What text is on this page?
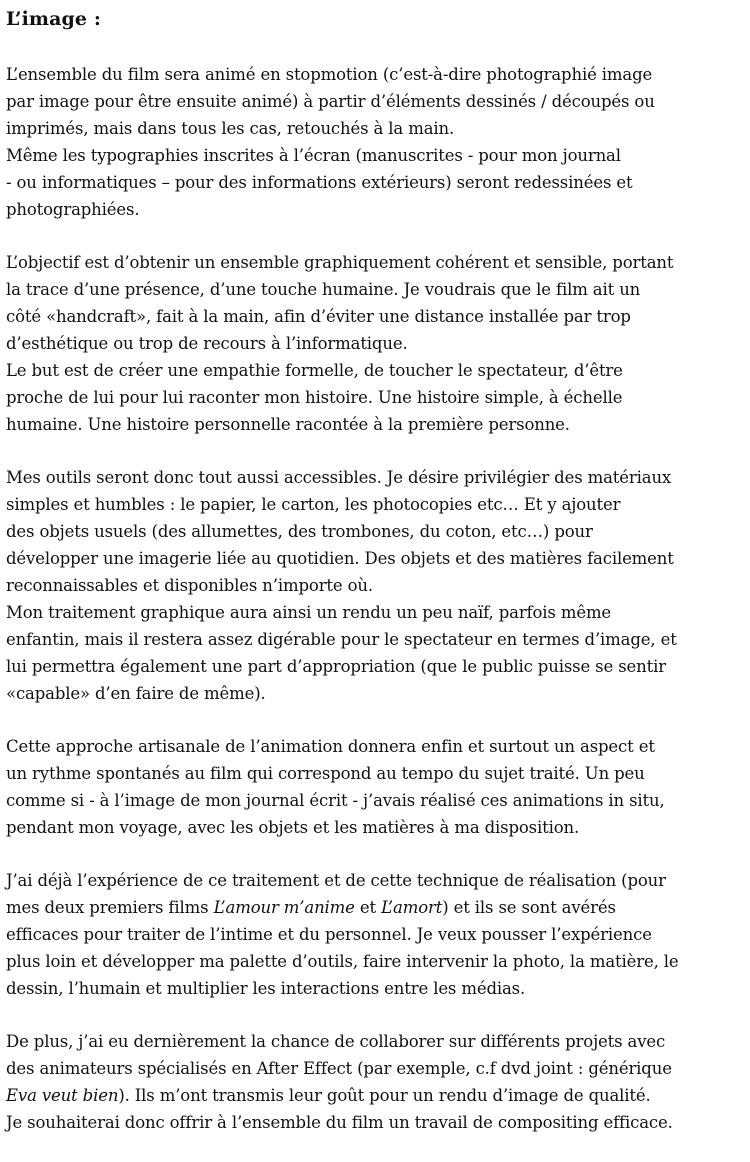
L’image :
L’ensemble du film sera animé en stopmotion (c’est-à-dire photographié image
par image pour être ensuite animé) à partir d’éléments dessinés / découpés ou
imprimés, mais dans tous les cas, retouchés à la main.
Même les typographies inscrites à l’écran (manuscrites - pour mon journal
- ou informatiques – pour des informations extérieurs) seront redessinées et
photographiées.
L’objectif est d’obtenir un ensemble graphiquement cohérent et sensible, portant
la trace d’une présence, d’une touche humaine. Je voudrais que le film ait un
côté «handcraft», fait à la main, afin d’éviter une distance installée par trop
d’esthétique ou trop de recours à l’informatique.
Le but est de créer une empathie formelle, de toucher le spectateur, d’être
proche de lui pour lui raconter mon histoire. Une histoire simple, à échelle
humaine. Une histoire personnelle racontée à la première personne.
Mes outils seront donc tout aussi accessibles. Je désire privilégier des matériaux
simples et humbles : le papier, le carton, les photocopies etc… Et y ajouter
des objets usuels (des allumettes, des trombones, du coton, etc…) pour
développer une imagerie liée au quotidien. Des objets et des matières facilement
reconnaissables et disponibles n’importe où.
Mon traitement graphique aura ainsi un rendu un peu naïf, parfois même
enfantin, mais il restera assez digérable pour le spectateur en termes d’image, et
lui permettra également une part d’appropriation (que le public puisse se sentir
«capable» d’en faire de même).
Cette approche artisanale de l’animation donnera enfin et surtout un aspect et
un rythme spontanés au film qui correspond au tempo du sujet traité. Un peu
comme si - à l’image de mon journal écrit - j’avais réalisé ces animations in situ,
pendant mon voyage, avec les objets et les matières à ma disposition.
J’ai déjà l’expérience de ce traitement et de cette technique de réalisation (pour
mes deux premiers films L’amour m’anime et L’amort) et ils se sont avérés
efficaces pour traiter de l’intime et du personnel. Je veux pousser l’expérience
plus loin et développer ma palette d’outils, faire intervenir la photo, la matière, le
dessin, l’humain et multiplier les interactions entre les médias.
De plus, j’ai eu dernièrement la chance de collaborer sur différents projets avec
des animateurs spécialisés en After Effect (par exemple, c.f dvd joint : générique
Eva veut bien). Ils m’ont transmis leur goût pour un rendu d’image de qualité.
Je souhaiterai donc offrir à l’ensemble du film un travail de compositing efficace.
